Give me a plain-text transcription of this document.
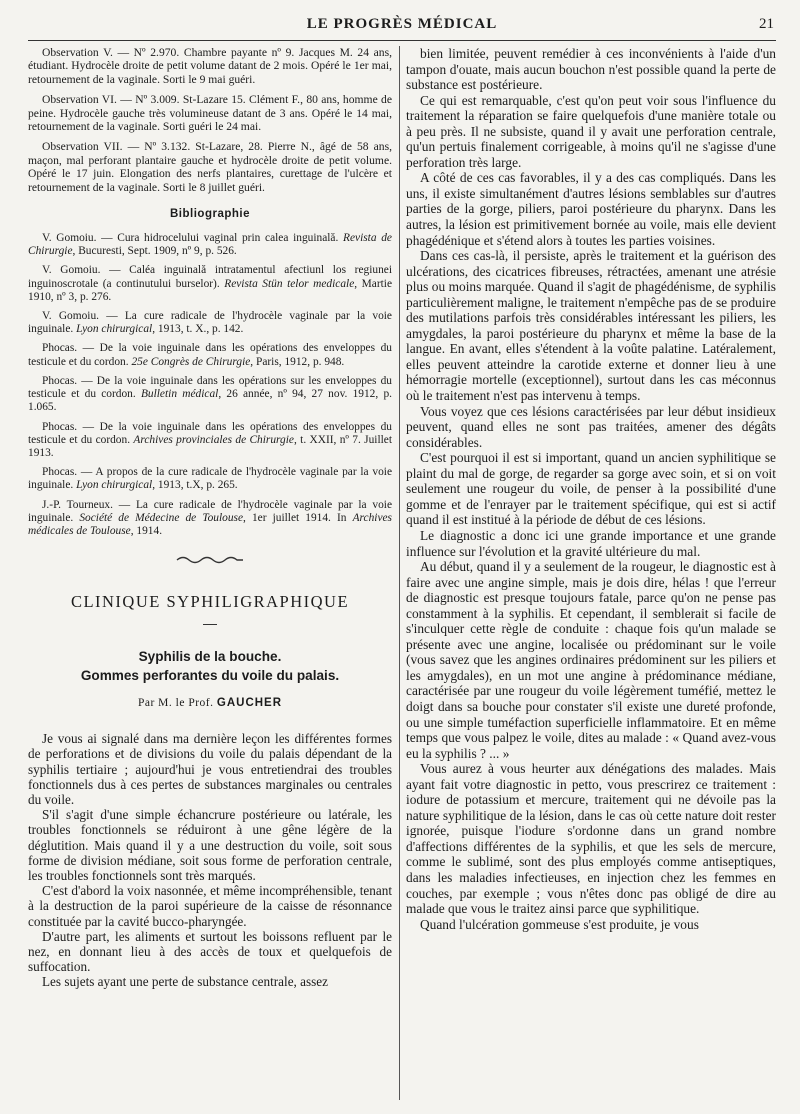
LE PROGRÈS MÉDICAL	21

Observation V. — Nº 2.970. Chambre payante nº 9. Jacques M. 24 ans, étudiant. Hydrocèle droite de petit volume datant de 2 mois. Opéré le 1er mai, retournement de la vaginale. Sorti le 9 mai guéri.

Observation VI. — Nº 3.009. St-Lazare 15. Clément F., 80 ans, homme de peine. Hydrocèle gauche très volumineuse datant de 3 ans. Opéré le 14 mai, retournement de la vaginale. Sorti guéri le 24 mai.

Observation VII. — Nº 3.132. St-Lazare, 28. Pierre N., âgé de 58 ans, maçon, mal perforant plantaire gauche et hydrocèle droite de petit volume. Opéré le 17 juin. Elongation des nerfs plantaires, curettage de l'ulcère et retournement de la vaginale. Sorti le 8 juillet guéri.

Bibliographie

V. Gomoiu. — Cura hidrocelului vaginal prin calea inguinală. Revista de Chirurgie, Bucuresti, Sept. 1909, nº 9, p. 526.

V. Gomoiu. — Caléa inguinală intratamentul afectiunl los regiunei inguinoscrotale (a continutului burselor). Revista Stün telor medicale, Martie 1910, nº 3, p. 276.

V. Gomoiu. — La cure radicale de l'hydrocèle vaginale par la voie inguinale. Lyon chirurgical, 1913, t. X., p. 142.

Phocas. — De la voie inguinale dans les opérations des enveloppes du testicule et du cordon. 25e Congrès de Chirurgie, Paris, 1912, p. 948.

Phocas. — De la voie inguinale dans les opérations sur les enveloppes du testicule et du cordon. Bulletin médical, 26 année, nº 94, 27 nov. 1912, p. 1.065.

Phocas. — De la voie inguinale dans les opérations des enveloppes du testicule et du cordon. Archives provinciales de Chirurgie, t. XXII, nº 7. Juillet 1913.

Phocas. — A propos de la cure radicale de l'hydrocèle vaginale par la voie inguinale. Lyon chirurgical, 1913, t.X, p. 265.

J.-P. Tourneux. — La cure radicale de l'hydrocèle vaginale par la voie inguinale. Société de Médecine de Toulouse, 1er juillet 1914. In Archives médicales de Toulouse, 1914.

CLINIQUE SYPHILIGRAPHIQUE
Syphilis de la bouche.
Gommes perforantes du voile du palais.
Par M. le Prof. GAUCHER

Je vous ai signalé dans ma dernière leçon les différentes formes de perforations et de divisions du voile du palais dépendant de la syphilis tertiaire ; aujourd'hui je vous entretiendrai des troubles fonctionnels dus à ces pertes de substances marginales ou centrales du voile.

S'il s'agit d'une simple échancrure postérieure ou latérale, les troubles fonctionnels se réduiront à une gêne légère de la déglutition. Mais quand il y a une destruction du voile, soit sous forme de division médiane, soit sous forme de perforation centrale, les troubles fonctionnels sont très marqués.

C'est d'abord la voix nasonnée, et même incompréhensible, tenant à la destruction de la paroi supérieure de la caisse de résonnance constituée par la cavité bucco-pharyngée.

D'autre part, les aliments et surtout les boissons refluent par le nez, en donnant lieu à des accès de toux et quelquefois de suffocation.

Les sujets ayant une perte de substance centrale, assez

bien limitée, peuvent remédier à ces inconvénients à l'aide d'un tampon d'ouate, mais aucun bouchon n'est possible quand la perte de substance est postérieure.

Ce qui est remarquable, c'est qu'on peut voir sous l'influence du traitement la réparation se faire quelquefois d'une manière totale ou à peu près. Il ne subsiste, quand il y avait une perforation centrale, qu'un pertuis finalement corrigeable, à moins qu'il ne s'agisse d'une perforation très large.

A côté de ces cas favorables, il y a des cas compliqués. Dans les uns, il existe simultanément d'autres lésions semblables sur d'autres parties de la gorge, piliers, paroi postérieure du pharynx. Dans les autres, la lésion est primitivement bornée au voile, mais elle devient phagédénique et s'étend alors à toutes les parties voisines.

Dans ces cas-là, il persiste, après le traitement et la guérison des ulcérations, des cicatrices fibreuses, rétractées, amenant une atrésie plus ou moins marquée. Quand il s'agit de phagédénisme, de syphilis particulièrement maligne, le traitement n'empêche pas de se produire des mutilations parfois très considérables intéressant les piliers, les amygdales, la paroi postérieure du pharynx et même la base de la langue. En avant, elles s'étendent à la voûte palatine. Latéralement, elles peuvent atteindre la carotide externe et donner lieu à une hémorragie mortelle (exceptionnel), surtout dans les cas méconnus où le traitement n'est pas intervenu à temps.

Vous voyez que ces lésions caractérisées par leur début insidieux peuvent, quand elles ne sont pas traitées, amener des dégâts considérables.

C'est pourquoi il est si important, quand un ancien syphilitique se plaint du mal de gorge, de regarder sa gorge avec soin, et si on voit seulement une rougeur du voile, de penser à la possibilité d'une gomme et de l'enrayer par le traitement spécifique, qui est si actif quand il est institué à la période de début de ces lésions.

Le diagnostic a donc ici une grande importance et une grande influence sur l'évolution et la gravité ultérieure du mal.

Au début, quand il y a seulement de la rougeur, le diagnostic est à faire avec une angine simple, mais je dois dire, hélas ! que l'erreur de diagnostic est presque toujours fatale, parce qu'on ne pense pas constamment à la syphilis. Et cependant, il semblerait si facile de s'inculquer cette règle de conduite : chaque fois qu'un malade se présente avec une angine, localisée ou prédominant sur le voile (vous savez que les angines ordinaires prédominent sur les piliers et les amygdales), en un mot une angine à prédominance médiane, caractérisée par une rougeur du voile légèrement tuméfié, mettez le doigt dans sa bouche pour constater s'il existe une dureté profonde, ou une simple tuméfaction superficielle inflammatoire. Et en même temps que vous palpez le voile, dites au malade : « Quand avez-vous eu la syphilis ? ... »

Vous aurez à vous heurter aux dénégations des malades. Mais ayant fait votre diagnostic in petto, vous prescrirez ce traitement : iodure de potassium et mercure, traitement qui ne dévoile pas la nature syphilitique de la lésion, dans le cas où cette nature doit rester ignorée, puisque l'iodure s'ordonne dans un grand nombre d'affections différentes de la syphilis, et que les sels de mercure, comme le sublimé, sont des plus employés comme antiseptiques, dans les maladies infectieuses, en injection chez les femmes en couches, par exemple ; vous n'êtes donc pas obligé de dire au malade que vous le traitez ainsi parce que syphilitique.

Quand l'ulcération gommeuse s'est produite, je vous
